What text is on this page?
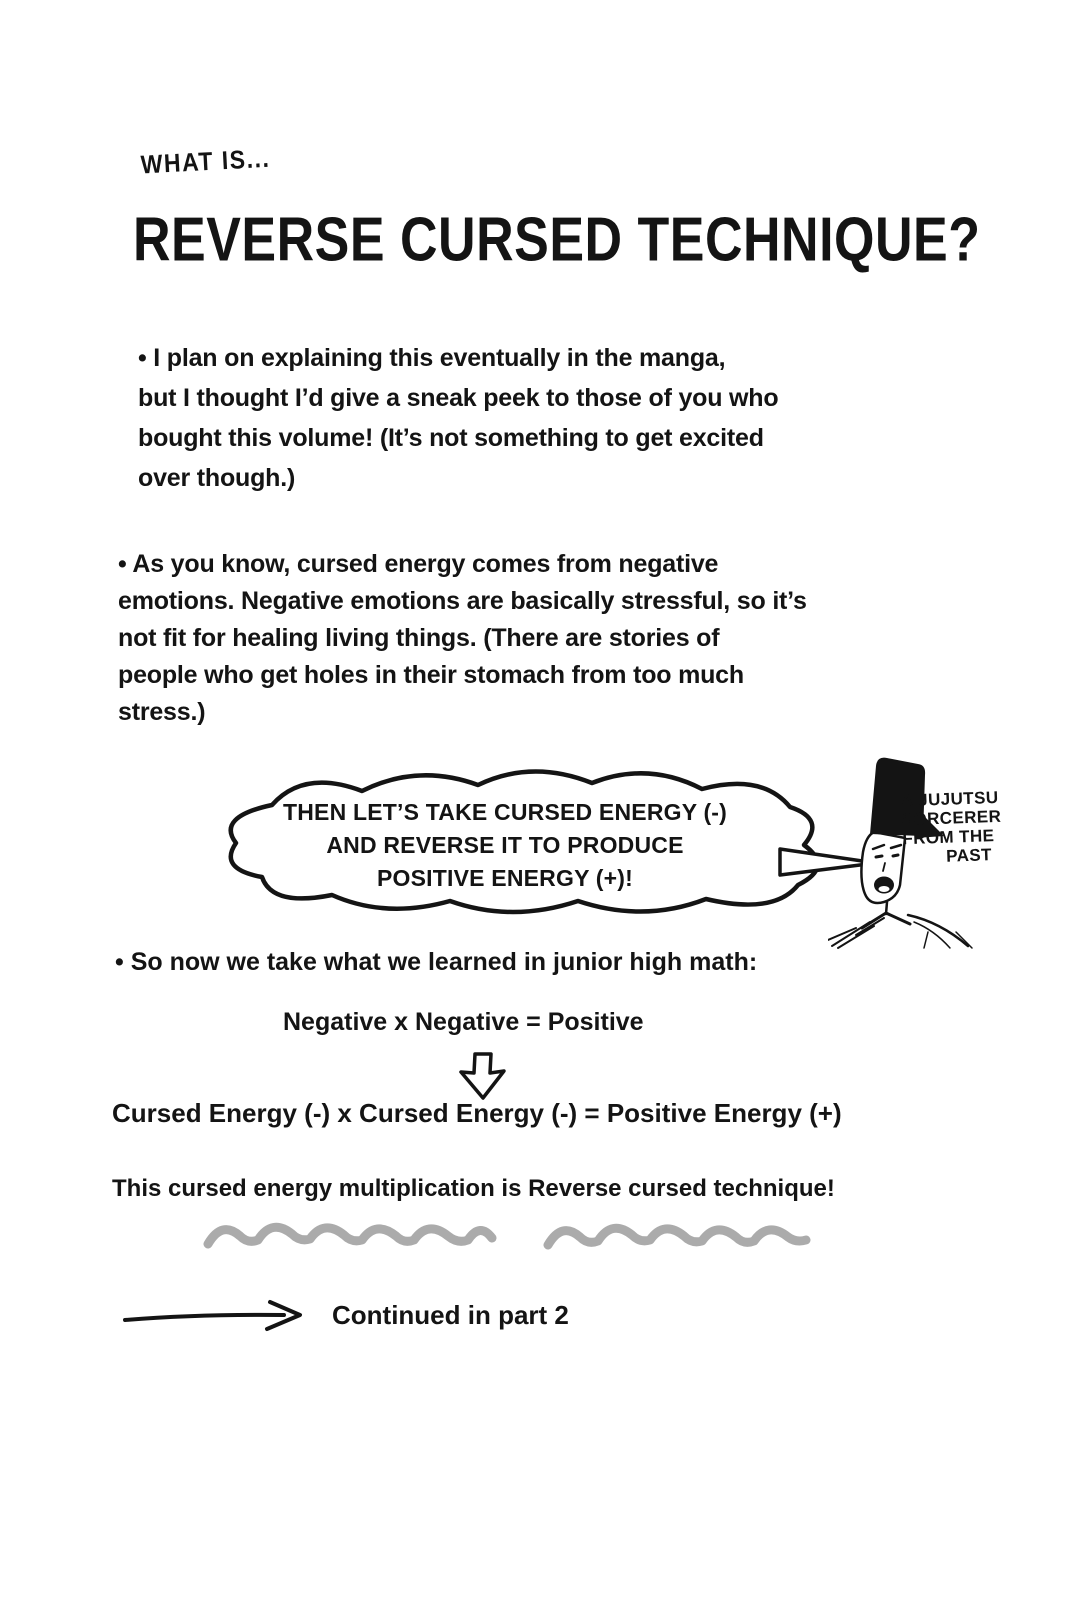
WHAT IS...
REVERSE CURSED TECHNIQUE?
• I plan on explaining this eventually in the manga,
but I thought I’d give a sneak peek to those of you who
bought this volume! (It’s not something to get excited
over though.)
• As you know, cursed energy comes from negative
emotions. Negative emotions are basically stressful, so it’s
not fit for healing living things. (There are stories of
people who get holes in their stomach from too much
stress.)
THEN LET’S TAKE CURSED ENERGY (-)
AND REVERSE IT TO PRODUCE
POSITIVE ENERGY (+)!
A JUJUTSU
SORCERER
FROM THE
PAST
• So now we take what we learned in junior high math:
Negative x Negative = Positive
Cursed Energy (-) x Cursed Energy (-) = Positive Energy (+)
This cursed energy multiplication is Reverse cursed technique!
Continued in part 2
